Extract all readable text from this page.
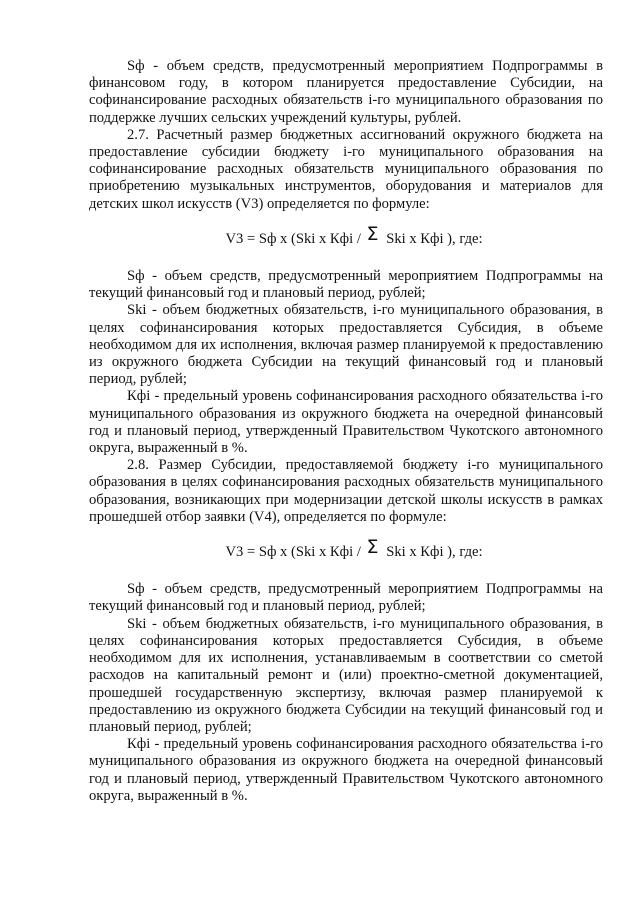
Sф - объем средств, предусмотренный мероприятием Подпрограммы в финансовом году, в котором планируется предоставление Субсидии, на софинансирование расходных обязательств i-го муниципального образования по поддержке лучших сельских учреждений культуры, рублей.

2.7. Расчетный размер бюджетных ассигнований окружного бюджета на предоставление субсидии бюджету i-го муниципального образования на софинансирование расходных обязательств муниципального образования по приобретению музыкальных инструментов, оборудования и материалов для детских школ искусств (V3) определяется по формуле:

V3 = Sф x (Ski x Кфi / Σ Ski x Кфi ), где:

Sф - объем средств, предусмотренный мероприятием Подпрограммы на текущий финансовый год и плановый период, рублей;

Ski - объем бюджетных обязательств, i-го муниципального образования, в целях софинансирования которых предоставляется Субсидия, в объеме необходимом для их исполнения, включая размер планируемой к предоставлению из окружного бюджета Субсидии на текущий финансовый год и плановый период, рублей;

Кфi - предельный уровень софинансирования расходного обязательства i-го муниципального образования из окружного бюджета на очередной финансовый год и плановый период, утвержденный Правительством Чукотского автономного округа, выраженный в %.

2.8. Размер Субсидии, предоставляемой бюджету i-го муниципального образования в целях софинансирования расходных обязательств муниципального образования, возникающих при модернизации детской школы искусств в рамках прошедшей отбор заявки (V4), определяется по формуле:

V3 = Sф x (Ski x Кфi / Σ Ski x Кфi ), где:

Sф - объем средств, предусмотренный мероприятием Подпрограммы на текущий финансовый год и плановый период, рублей;

Ski - объем бюджетных обязательств, i-го муниципального образования, в целях софинансирования которых предоставляется Субсидия, в объеме необходимом для их исполнения, устанавливаемым в соответствии со сметой расходов на капитальный ремонт и (или) проектно-сметной документацией, прошедшей государственную экспертизу, включая размер планируемой к предоставлению из окружного бюджета Субсидии на текущий финансовый год и плановый период, рублей;

Кфi - предельный уровень софинансирования расходного обязательства i-го муниципального образования из окружного бюджета на очередной финансовый год и плановый период, утвержденный Правительством Чукотского автономного округа, выраженный в %.
